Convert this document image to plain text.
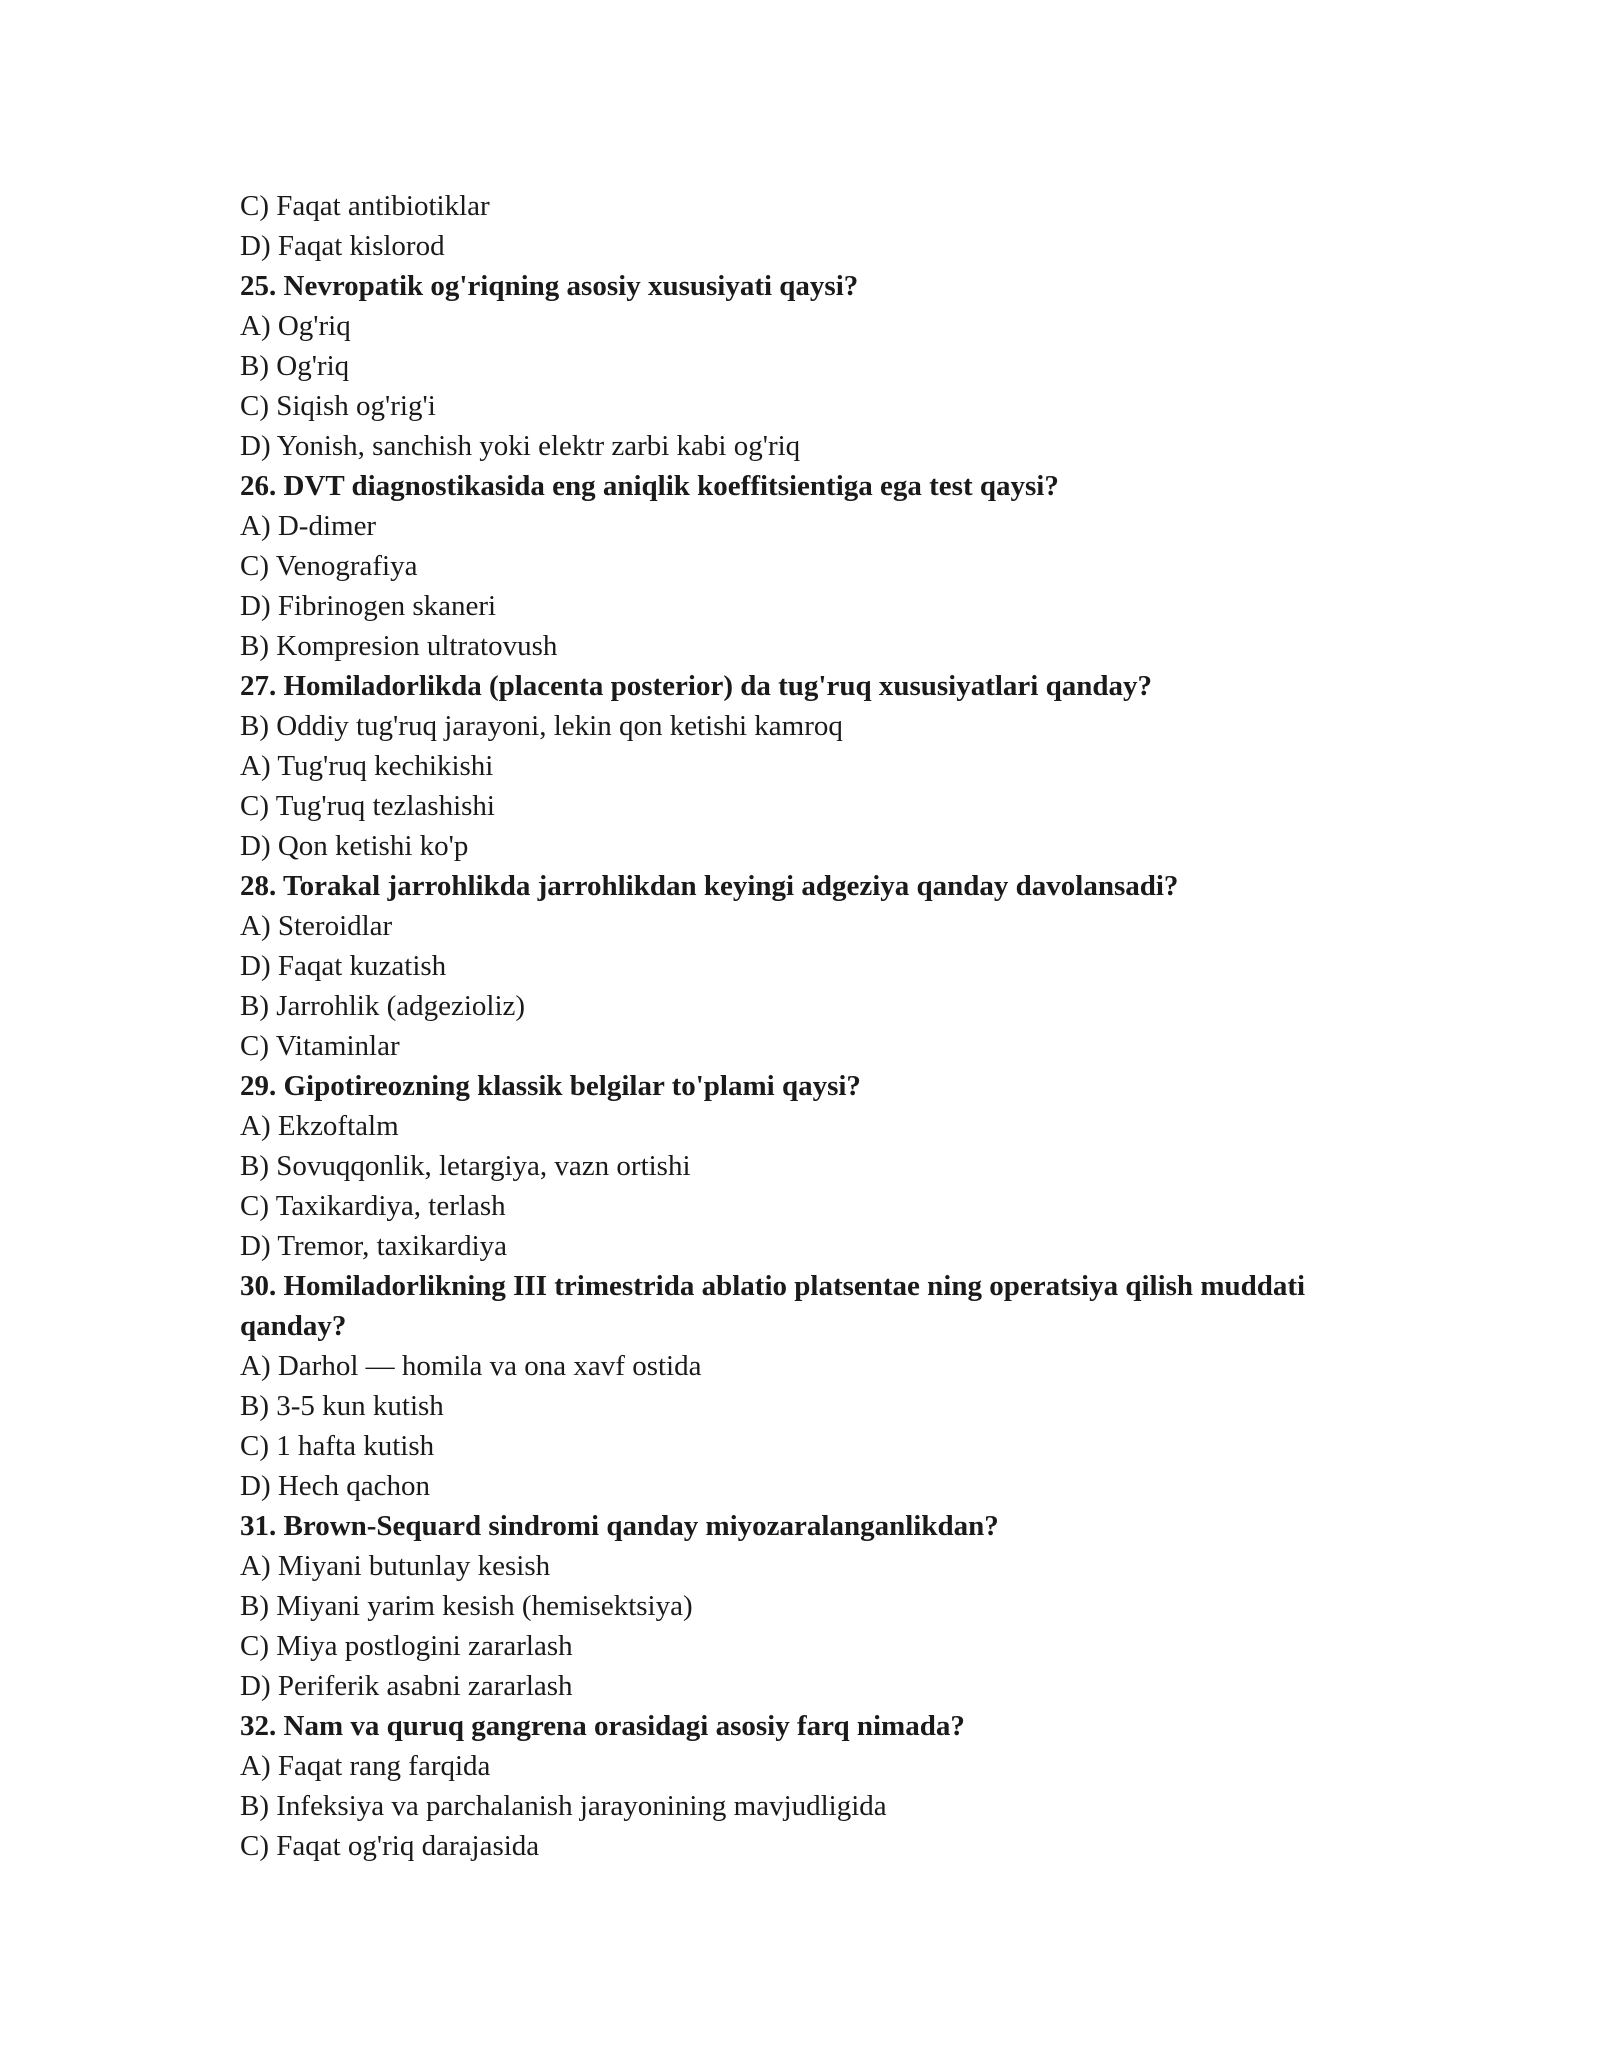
C) Faqat antibiotiklar

D) Faqat kislorod

25. Nevropatik og'riqning asosiy xususiyati qaysi?

A) Og'riq

B) Og'riq

C) Siqish og'rig'i

D) Yonish, sanchish yoki elektr zarbi kabi og'riq

26. DVT diagnostikasida eng aniqlik koeffitsientiga ega test qaysi?

A) D-dimer

C) Venografiya

D) Fibrinogen skaneri

B) Kompresion ultratovush

27. Homiladorlikda (placenta posterior) da tug'ruq xususiyatlari qanday?

B) Oddiy tug'ruq jarayoni, lekin qon ketishi kamroq

A) Tug'ruq kechikishi

C) Tug'ruq tezlashishi

D) Qon ketishi ko'p

28. Torakal jarrohlikda jarrohlikdan keyingi adgeziya qanday davolansadi?

A) Steroidlar

D) Faqat kuzatish

B) Jarrohlik (adgezioliz)

C) Vitaminlar

29. Gipotireozning klassik belgilar to'plami qaysi?

A) Ekzoftalm

B) Sovuqqonlik, letargiya, vazn ortishi

C) Taxikardiya, terlash

D) Tremor, taxikardiya

30. Homiladorlikning III trimestrida ablatio platsentae ning operatsiya qilish muddati qanday?

A) Darhol — homila va ona xavf ostida

B) 3-5 kun kutish

C) 1 hafta kutish

D) Hech qachon

31. Brown-Sequard sindromi qanday miyozaralanganlikdan?

A) Miyani butunlay kesish

B) Miyani yarim kesish (hemisektsiya)

C) Miya postlogini zararlash

D) Periferik asabni zararlash

32. Nam va quruq gangrena orasidagi asosiy farq nimada?

A) Faqat rang farqida

B) Infeksiya va parchalanish jarayonining mavjudligida

C) Faqat og'riq darajasida
